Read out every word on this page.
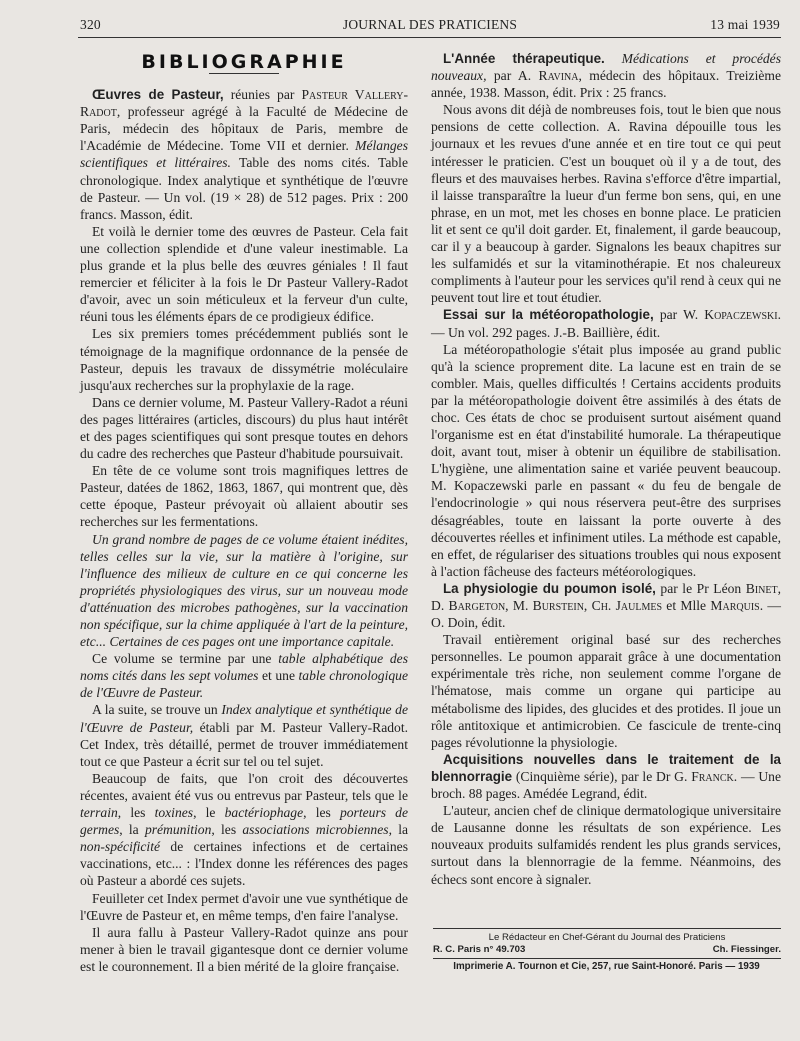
320	JOURNAL DES PRATICIENS	13 mai 1939
BIBLIOGRAPHIE

Œuvres de Pasteur, réunies par Pasteur Vallery-Radot, professeur agrégé à la Faculté de Médecine de Paris, médecin des hôpitaux de Paris, membre de l'Académie de Médecine. Tome VII et dernier. Mélanges scientifiques et littéraires. Table des noms cités. Table chronologique. Index analytique et synthétique de l'œuvre de Pasteur. — Un vol. (19 × 28) de 512 pages. Prix : 200 francs. Masson, édit.

Et voilà le dernier tome des œuvres de Pasteur. Cela fait une collection splendide et d'une valeur inestimable. La plus grande et la plus belle des œuvres géniales ! Il faut remercier et féliciter à la fois le Dr Pasteur Vallery-Radot d'avoir, avec un soin méticuleux et la ferveur d'un culte, réuni tous les éléments épars de ce prodigieux édifice.

Les six premiers tomes précédemment publiés sont le témoignage de la magnifique ordonnance de la pensée de Pasteur, depuis les travaux de dissymétrie moléculaire jusqu'aux recherches sur la prophylaxie de la rage.

Dans ce dernier volume, M. Pasteur Vallery-Radot a réuni des pages littéraires (articles, discours) du plus haut intérêt et des pages scientifiques qui sont presque toutes en dehors du cadre des recherches que Pasteur d'habitude poursuivait.

En tête de ce volume sont trois magnifiques lettres de Pasteur, datées de 1862, 1863, 1867, qui montrent que, dès cette époque, Pasteur prévoyait où allaient aboutir ses recherches sur les fermentations.

Un grand nombre de pages de ce volume étaient inédites, telles celles sur la vie, sur la matière à l'origine, sur l'influence des milieux de culture en ce qui concerne les propriétés physiologiques des virus, sur un nouveau mode d'atténuation des microbes pathogènes, sur la vaccination non spécifique, sur la chime appliquée à l'art de la peinture, etc... Certaines de ces pages ont une importance capitale.

Ce volume se termine par une table alphabétique des noms cités dans les sept volumes et une table chronologique de l'Œuvre de Pasteur.

A la suite, se trouve un Index analytique et synthétique de l'Œuvre de Pasteur, établi par M. Pasteur Vallery-Radot. Cet Index, très détaillé, permet de trouver immédiatement tout ce que Pasteur a écrit sur tel ou tel sujet.

Beaucoup de faits, que l'on croit des découvertes récentes, avaient été vus ou entrevus par Pasteur, tels que le terrain, les toxines, le bactériophage, les porteurs de germes, la prémunition, les associations microbiennes, la non-spécificité de certaines infections et de certaines vaccinations, etc... : l'Index donne les références des pages où Pasteur a abordé ces sujets.

Feuilleter cet Index permet d'avoir une vue synthétique de l'Œuvre de Pasteur et, en même temps, d'en faire l'analyse.

Il aura fallu à Pasteur Vallery-Radot quinze ans pour mener à bien le travail gigantesque dont ce dernier volume est le couronnement. Il a bien mérité de la gloire française.

L'Année thérapeutique. Médications et procédés nouveaux, par A. Ravina, médecin des hôpitaux. Treizième année, 1938. Masson, édit. Prix : 25 francs.

Nous avons dit déjà de nombreuses fois, tout le bien que nous pensions de cette collection. A. Ravina dépouille tous les journaux et les revues d'une année et en tire tout ce qui peut intéresser le praticien. C'est un bouquet où il y a de tout, des fleurs et des mauvaises herbes. Ravina s'efforce d'être impartial, il laisse transparaître la lueur d'un ferme bon sens, qui, en une phrase, en un mot, met les choses en bonne place. Le praticien lit et sent ce qu'il doit garder. Et, finalement, il garde beaucoup, car il y a beaucoup à garder. Signalons les beaux chapitres sur les sulfamidés et sur la vitaminothérapie. Et nos chaleureux compliments à l'auteur pour les services qu'il rend à ceux qui ne peuvent tout lire et tout étudier.

Essai sur la météoropathologie, par W. Kopaczewski. — Un vol. 292 pages. J.-B. Baillière, édit.

La météoropathologie s'était plus imposée au grand public qu'à la science proprement dite. La lacune est en train de se combler. Mais, quelles difficultés ! Certains accidents produits par la météoropathologie doivent être assimilés à des états de choc. Ces états de choc se produisent surtout aisément quand l'organisme est en état d'instabilité humorale. La thérapeutique doit, avant tout, miser à obtenir un équilibre de stabilisation. L'hygiène, une alimentation saine et variée peuvent beaucoup. M. Kopaczewski parle en passant « du feu de bengale de l'endocrinologie » qui nous réservera peut-être des surprises désagréables, toute en laissant la porte ouverte à des découvertes réelles et infiniment utiles. La méthode est capable, en effet, de régulariser des situations troubles qui nous exposent à l'action fâcheuse des facteurs météorologiques.

La physiologie du poumon isolé, par le Pr Léon Binet, D. Bargeton, M. Burstein, Ch. Jaulmes et Mlle Marquis. — O. Doin, édit.

Travail entièrement original basé sur des recherches personnelles. Le poumon apparait grâce à une documentation expérimentale très riche, non seulement comme l'organe de l'hématose, mais comme un organe qui participe au métabolisme des lipides, des glucides et des protides. Il joue un rôle antitoxique et antimicrobien. Ce fascicule de trente-cinq pages révolutionne la physiologie.

Acquisitions nouvelles dans le traitement de la blennorragie (Cinquième série), par le Dr G. Franck. — Une broch. 88 pages. Amédée Legrand, édit.

L'auteur, ancien chef de clinique dermatologique universitaire de Lausanne donne les résultats de son expérience. Les nouveaux produits sulfamidés rendent les plus grands services, surtout dans la blennorragie de la femme. Néanmoins, des échecs sont encore à signaler.

Le Rédacteur en Chef-Gérant du Journal des Praticiens
R. C. Paris n° 49.703	Ch. Fiessinger.
Imprimerie A. Tournon et Cie, 257, rue Saint-Honoré. Paris — 1939
